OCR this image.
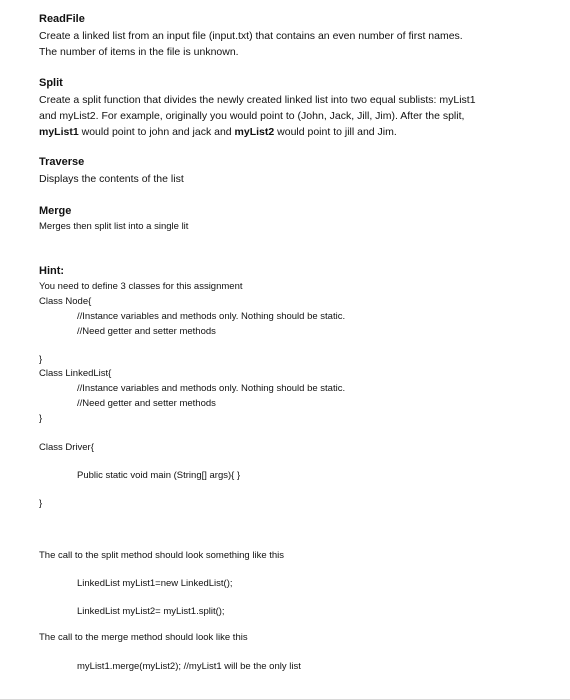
ReadFile
Create a linked list from an input file (input.txt) that contains an even number of first names.
The number of items in the file is unknown.
Split
Create a split function that divides the newly created linked list into two equal sublists: myList1
and myList2. For example, originally you would point to (John, Jack, Jill, Jim). After the split,
myList1 would point to john and jack and myList2 would point to jill and Jim.
Traverse
Displays the contents of the list
Merge
Merges then split list into a single lit
Hint:
You need to define 3 classes for this assignment
Class Node{
//Instance variables and methods only. Nothing should be static.
//Need getter and setter methods
}
Class LinkedList{
//Instance variables and methods only. Nothing should be static.
//Need getter and setter methods
}
Class Driver{
Public static void main (String[] args){ }
}
The call to the split method should look something like this
LinkedList myList1=new LinkedList();
LinkedList myList2= myList1.split();
The call to the merge method should look like this
myList1.merge(myList2); //myList1 will be the only list
